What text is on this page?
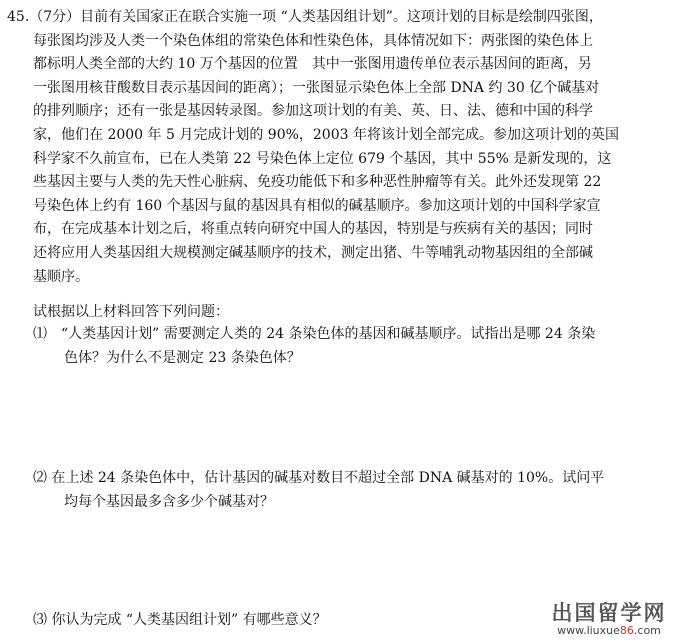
45.（7分）目前有关国家正在联合实施一项 “人类基因组计划”。这项计划的目标是绘制四张图，
每张图均涉及人类一个染色体组的常染色体和性染色体，具体情况如下：两张图的染色体上
都标明人类全部的大约 10 万个基因的位置　其中一张图用遗传单位表示基因间的距离，另
一张图用核苷酸数目表示基因间的距离）；一张图显示染色体上全部 DNA 约 30 亿个碱基对
的排列顺序；还有一张是基因转录图。参加这项计划的有美、英、日、法、德和中国的科学
家，他们在 2000 年 5 月完成计划的 90%，2003 年将该计划全部完成。参加这项计划的英国
科学家不久前宣布，已在人类第 22 号染色体上定位 679 个基因，其中 55% 是新发现的，这
些基因主要与人类的先天性心脏病、免疫功能低下和多种恶性肿瘤等有关。此外还发现第 22
号染色体上约有 160 个基因与鼠的基因具有相似的碱基顺序。参加这项计划的中国科学家宣
布，在完成基本计划之后，将重点转向研究中国人的基因，特别是与疾病有关的基因；同时
还将应用人类基因组大规模测定碱基顺序的技术，测定出猪、牛等哺乳动物基因组的全部碱
基顺序。
试根据以上材料回答下列问题：
⑴　“人类基因计划” 需要测定人类的 24 条染色体的基因和碱基顺序。试指出是哪 24 条染
色体？为什么不是测定 23 条染色体？
⑵ 在上述 24 条染色体中，估计基因的碱基对数目不超过全部 DNA 碱基对的 10%。试问平
均每个基因最多含多少个碱基对？
⑶ 你认为完成 “人类基因组计划” 有哪些意义？	出国留学网
www.liuxue86.com
